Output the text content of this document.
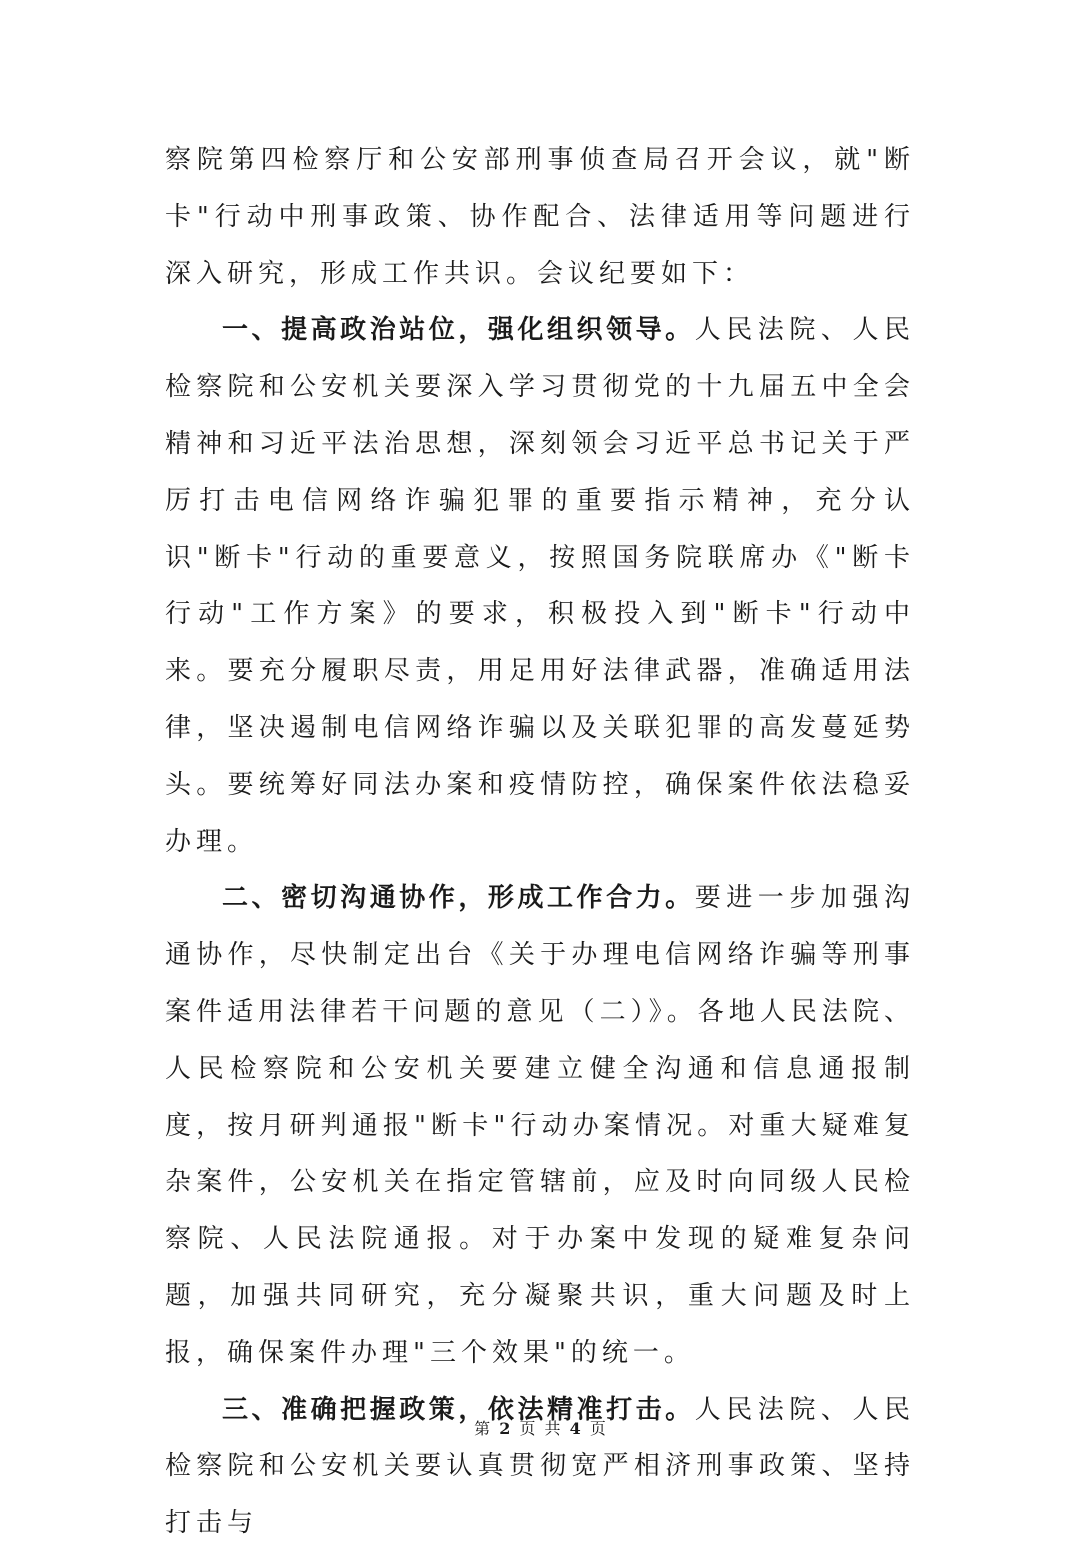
察院第四检察厅和公安部刑事侦查局召开会议，就"断卡"行动中刑事政策、协作配合、法律适用等问题进行深入研究，形成工作共识。会议纪要如下：

一、提高政治站位，强化组织领导。人民法院、人民检察院和公安机关要深入学习贯彻党的十九届五中全会精神和习近平法治思想，深刻领会习近平总书记关于严厉打击电信网络诈骗犯罪的重要指示精神，充分认识"断卡"行动的重要意义，按照国务院联席办《"断卡行动"工作方案》的要求，积极投入到"断卡"行动中来。要充分履职尽责，用足用好法律武器，准确适用法律，坚决遏制电信网络诈骗以及关联犯罪的高发蔓延势头。要统筹好同法办案和疫情防控，确保案件依法稳妥办理。

二、密切沟通协作，形成工作合力。要进一步加强沟通协作，尽快制定出台《关于办理电信网络诈骗等刑事案件适用法律若干问题的意见（二）》。各地人民法院、人民检察院和公安机关要建立健全沟通和信息通报制度，按月研判通报"断卡"行动办案情况。对重大疑难复杂案件，公安机关在指定管辖前，应及时向同级人民检察院、人民法院通报。对于办案中发现的疑难复杂问题，加强共同研究，充分凝聚共识，重大问题及时上报，确保案件办理"三个效果"的统一。

三、准确把握政策，依法精准打击。人民法院、人民检察院和公安机关要认真贯彻宽严相济刑事政策、坚持打击与

第 2 页 共 4 页
